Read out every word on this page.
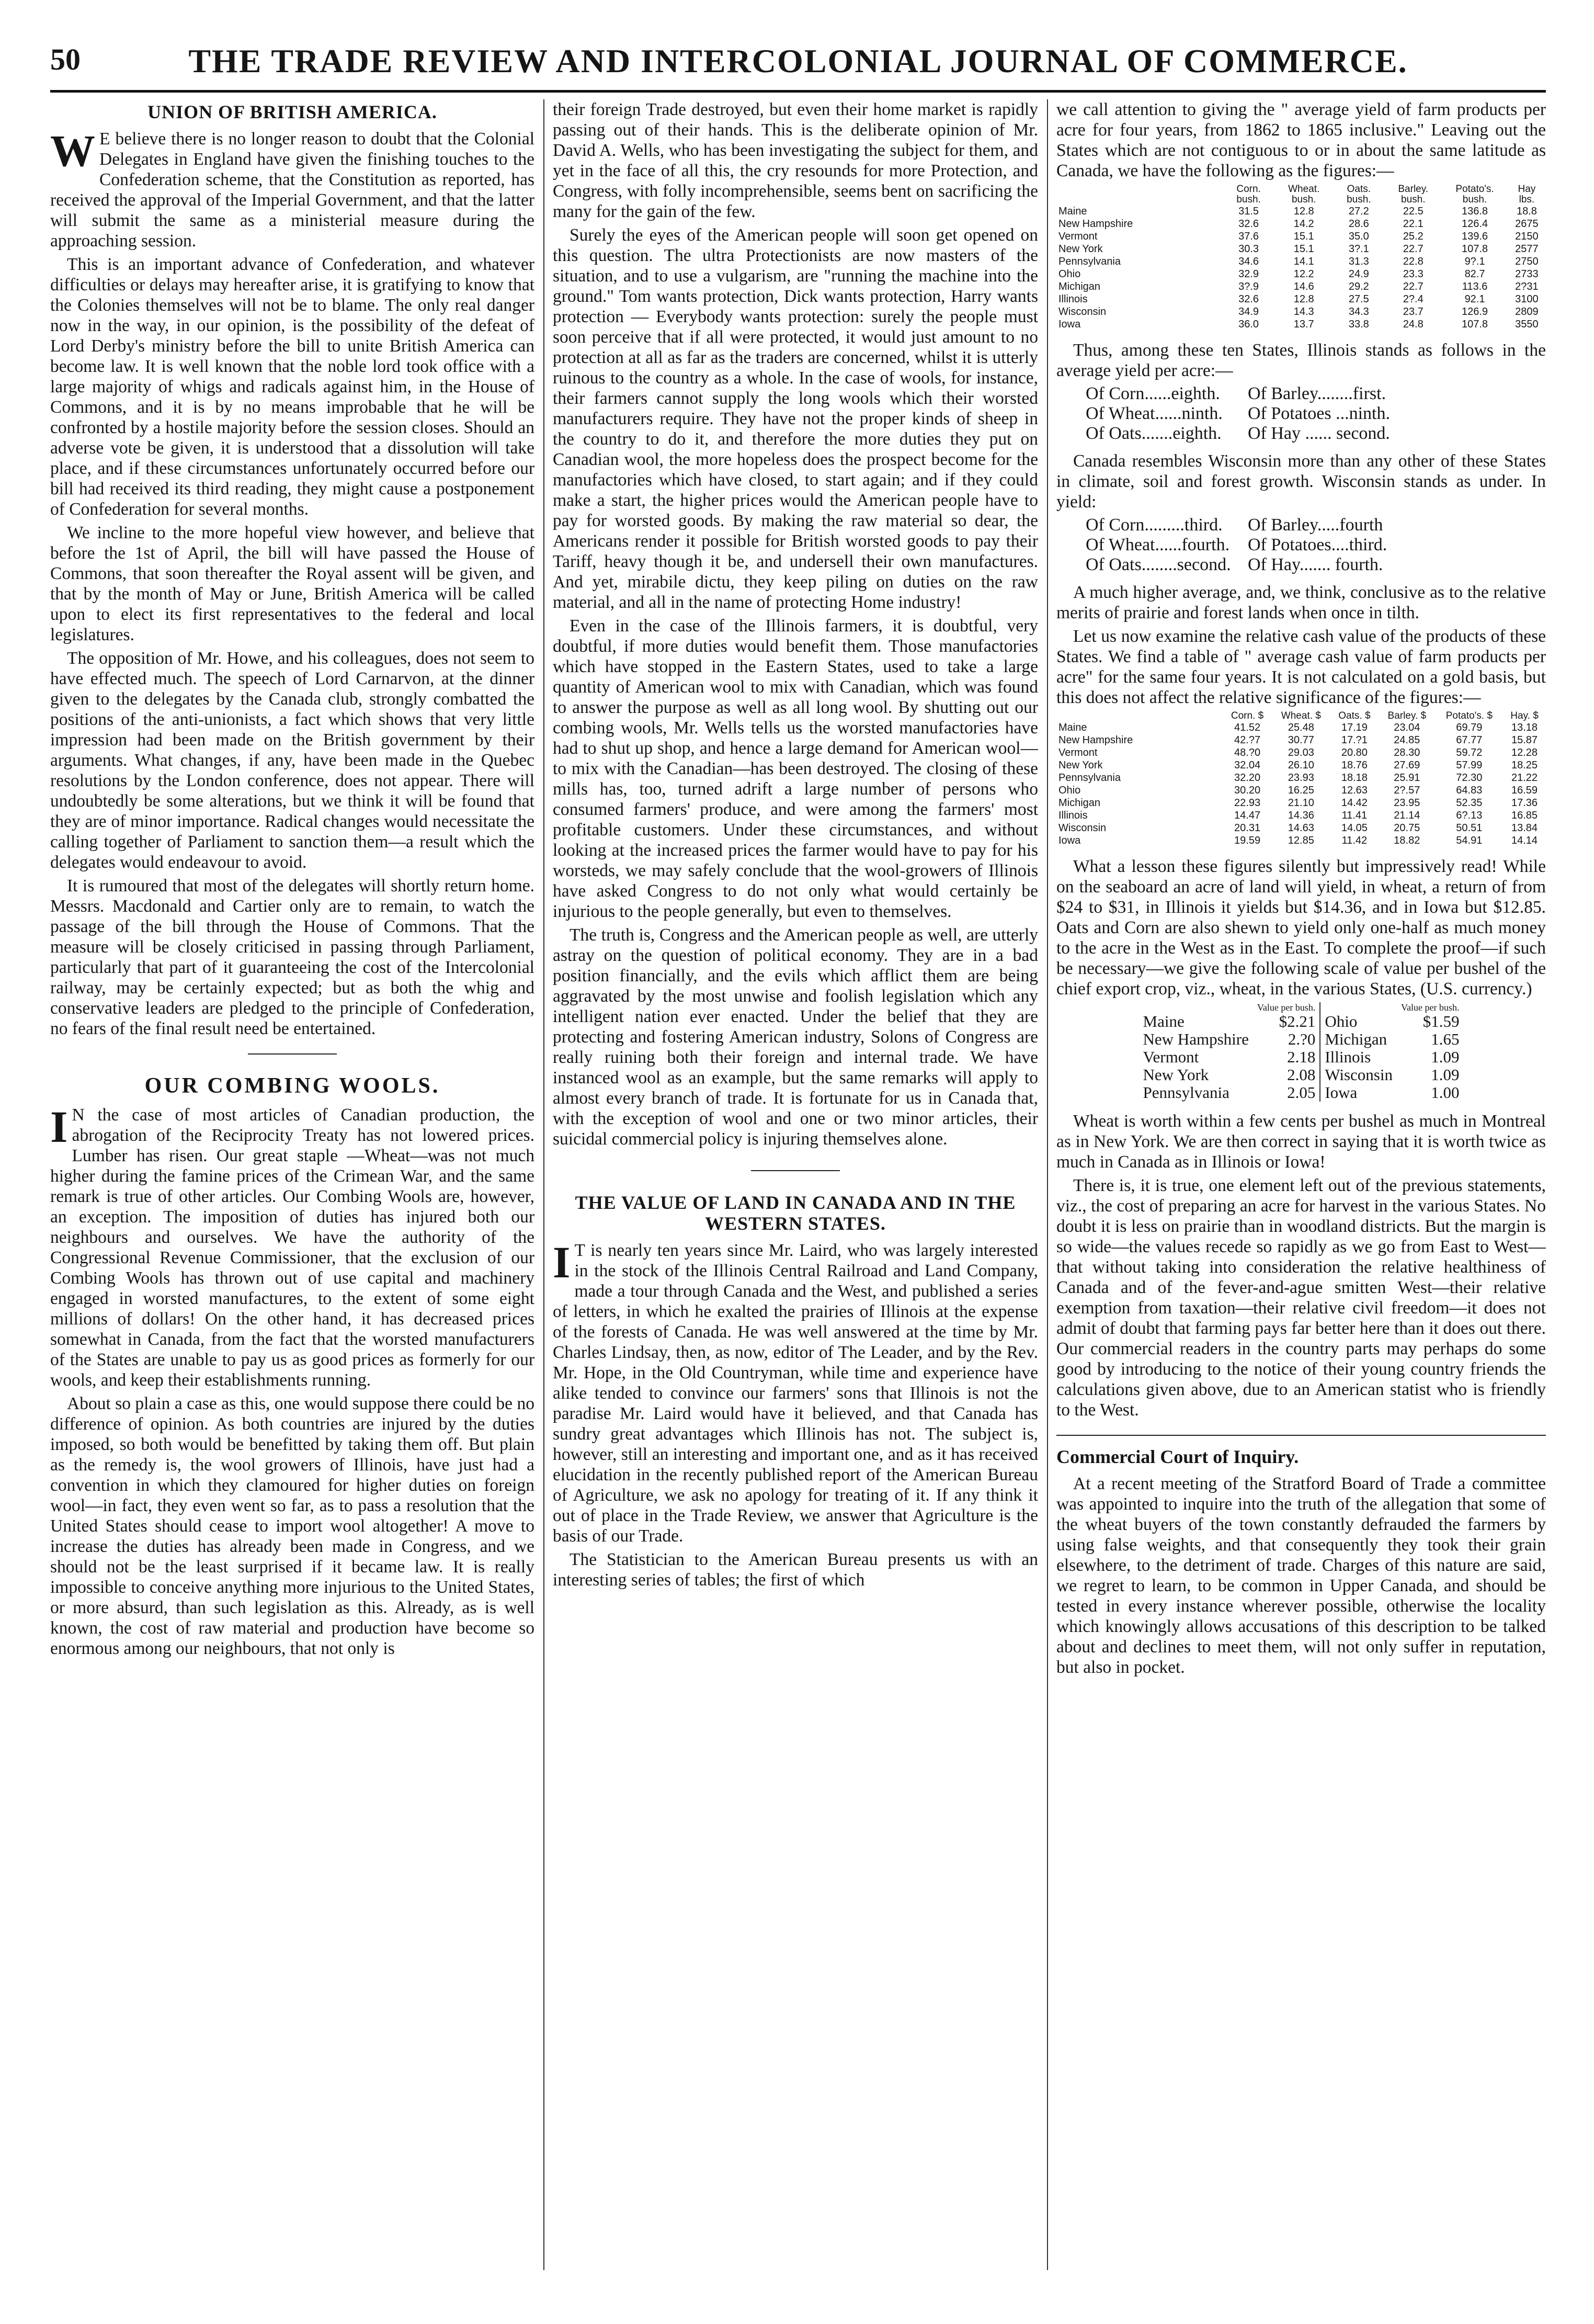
50	THE TRADE REVIEW AND INTERCOLONIAL JOURNAL OF COMMERCE.
UNION OF BRITISH AMERICA.

W E believe there is no longer reason to doubt that the Colonial Delegates in England have given the finishing touches to the Confederation scheme, that the Constitution as reported, has received the approval of the Imperial Government, and that the latter will submit the same as a ministerial measure during the approaching session.

This is an important advance of Confederation, and whatever difficulties or delays may hereafter arise, it is gratifying to know that the Colonies themselves will not be to blame. The only real danger now in the way, in our opinion, is the possibility of the defeat of Lord Derby's ministry before the bill to unite British America can become law. It is well known that the noble lord took office with a large majority of whigs and radicals against him, in the House of Commons, and it is by no means improbable that he will be confronted by a hostile majority before the session closes. Should an adverse vote be given, it is understood that a dissolution will take place, and if these circumstances unfortunately occurred before our bill had received its third reading, they might cause a postponement of Confederation for several months.

We incline to the more hopeful view however, and believe that before the 1st of April, the bill will have passed the House of Commons, that soon thereafter the Royal assent will be given, and that by the month of May or June, British America will be called upon to elect its first representatives to the federal and local legislatures.

The opposition of Mr. Howe, and his colleagues, does not seem to have effected much. The speech of Lord Carnarvon, at the dinner given to the delegates by the Canada club, strongly combatted the positions of the anti-unionists, a fact which shows that very little impression had been made on the British government by their arguments. What changes, if any, have been made in the Quebec resolutions by the London conference, does not appear. There will undoubtedly be some alterations, but we think it will be found that they are of minor importance. Radical changes would necessitate the calling together of Parliament to sanction them—a result which the delegates would endeavour to avoid.

It is rumoured that most of the delegates will shortly return home. Messrs. Macdonald and Cartier only are to remain, to watch the passage of the bill through the House of Commons. That the measure will be closely criticised in passing through Parliament, particularly that part of it guaranteeing the cost of the Intercolonial railway, may be certainly expected; but as both the whig and conservative leaders are pledged to the principle of Confederation, no fears of the final result need be entertained.

OUR COMBING WOOLS.

I N the case of most articles of Canadian production, the abrogation of the Reciprocity Treaty has not lowered prices. Lumber has risen. Our great staple —Wheat—was not much higher during the famine prices of the Crimean War, and the same remark is true of other articles. Our Combing Wools are, however, an exception. The imposition of duties has injured both our neighbours and ourselves. We have the authority of the Congressional Revenue Commissioner, that the exclusion of our Combing Wools has thrown out of use capital and machinery engaged in worsted manufactures, to the extent of some eight millions of dollars! On the other hand, it has decreased prices somewhat in Canada, from the fact that the worsted manufacturers of the States are unable to pay us as good prices as formerly for our wools, and keep their establishments running.

About so plain a case as this, one would suppose there could be no difference of opinion. As both countries are injured by the duties imposed, so both would be benefitted by taking them off. But plain as the remedy is, the wool growers of Illinois, have just had a convention in which they clamoured for higher duties on foreign wool—in fact, they even went so far, as to pass a resolution that the United States should cease to import wool altogether! A move to increase the duties has already been made in Congress, and we should not be the least surprised if it became law. It is really impossible to conceive anything more injurious to the United States, or more absurd, than such legislation as this. Already, as is well known, the cost of raw material and production have become so enormous among our neighbours, that not only is

their foreign Trade destroyed, but even their home market is rapidly passing out of their hands. This is the deliberate opinion of Mr. David A. Wells, who has been investigating the subject for them, and yet in the face of all this, the cry resounds for more Protection, and Congress, with folly incomprehensible, seems bent on sacrificing the many for the gain of the few.

Surely the eyes of the American people will soon get opened on this question. The ultra Protectionists are now masters of the situation, and to use a vulgarism, are "running the machine into the ground." Tom wants protection, Dick wants protection, Harry wants protection — Everybody wants protection: surely the people must soon perceive that if all were protected, it would just amount to no protection at all as far as the traders are concerned, whilst it is utterly ruinous to the country as a whole. In the case of wools, for instance, their farmers cannot supply the long wools which their worsted manufacturers require. They have not the proper kinds of sheep in the country to do it, and therefore the more duties they put on Canadian wool, the more hopeless does the prospect become for the manufactories which have closed, to start again; and if they could make a start, the higher prices would the American people have to pay for worsted goods. By making the raw material so dear, the Americans render it possible for British worsted goods to pay their Tariff, heavy though it be, and undersell their own manufactures. And yet, mirabile dictu, they keep piling on duties on the raw material, and all in the name of protecting Home industry!

Even in the case of the Illinois farmers, it is doubtful, very doubtful, if more duties would benefit them. Those manufactories which have stopped in the Eastern States, used to take a large quantity of American wool to mix with Canadian, which was found to answer the purpose as well as all long wool. By shutting out our combing wools, Mr. Wells tells us the worsted manufactories have had to shut up shop, and hence a large demand for American wool—to mix with the Canadian—has been destroyed. The closing of these mills has, too, turned adrift a large number of persons who consumed farmers' produce, and were among the farmers' most profitable customers. Under these circumstances, and without looking at the increased prices the farmer would have to pay for his worsteds, we may safely conclude that the wool-growers of Illinois have asked Congress to do not only what would certainly be injurious to the people generally, but even to themselves.

The truth is, Congress and the American people as well, are utterly astray on the question of political economy. They are in a bad position financially, and the evils which afflict them are being aggravated by the most unwise and foolish legislation which any intelligent nation ever enacted. Under the belief that they are protecting and fostering American industry, Solons of Congress are really ruining both their foreign and internal trade. We have instanced wool as an example, but the same remarks will apply to almost every branch of trade. It is fortunate for us in Canada that, with the exception of wool and one or two minor articles, their suicidal commercial policy is injuring themselves alone.

THE VALUE OF LAND IN CANADA AND IN THE WESTERN STATES.

I T is nearly ten years since Mr. Laird, who was largely interested in the stock of the Illinois Central Railroad and Land Company, made a tour through Canada and the West, and published a series of letters, in which he exalted the prairies of Illinois at the expense of the forests of Canada. He was well answered at the time by Mr. Charles Lindsay, then, as now, editor of The Leader, and by the Rev. Mr. Hope, in the Old Countryman, while time and experience have alike tended to convince our farmers' sons that Illinois is not the paradise Mr. Laird would have it believed, and that Canada has sundry great advantages which Illinois has not. The subject is, however, still an interesting and important one, and as it has received elucidation in the recently published report of the American Bureau of Agriculture, we ask no apology for treating of it. If any think it out of place in the Trade Review, we answer that Agriculture is the basis of our Trade.

The Statistician to the American Bureau presents us with an interesting series of tables; the first of which

we call attention to giving the " average yield of farm products per acre for four years, from 1862 to 1865 inclusive." Leaving out the States which are not contiguous to or in about the same latitude as Canada, we have the following as the figures:—

	Corn. bush.	Wheat. bush.	Oats. bush.	Barley. bush.	Potato's. bush.	Hay lbs.
Maine	31.5	12.8	27.2	22.5	136.8	18.8
New Hampshire	32.6	14.2	28.6	22.1	126.4	2675
Vermont	37.6	15.1	35.0	25.2	139.6	2150
New York	30.3	15.1	3?.1	22.7	107.8	2577
Pennsylvania	34.6	14.1	31.3	22.8	9?.1	2750
Ohio	32.9	12.2	24.9	23.3	82.7	2733
Michigan	3?.9	14.6	29.2	22.7	113.6	2?31
Illinois	32.6	12.8	27.5	2?.4	92.1	3100
Wisconsin	34.9	14.3	34.3	23.7	126.9	2809
Iowa	36.0	13.7	33.8	24.8	107.8	3550

Thus, among these ten States, Illinois stands as follows in the average yield per acre:—

Of Corn......eighth.	Of Barley........first.
Of Wheat......ninth.	Of Potatoes ...ninth.
Of Oats.......eighth.	Of Hay ...... second.

Canada resembles Wisconsin more than any other of these States in climate, soil and forest growth. Wisconsin stands as under. In yield:

Of Corn.........third.	Of Barley.....fourth
Of Wheat......fourth.	Of Potatoes....third.
Of Oats........second. Of Hay....... fourth.

A much higher average, and, we think, conclusive as to the relative merits of prairie and forest lands when once in tilth.

Let us now examine the relative cash value of the products of these States. We find a table of " average cash value of farm products per acre" for the same four years. It is not calculated on a gold basis, but this does not affect the relative significance of the figures:—

	Corn. $	Wheat. $	Oats. $	Barley. $	Potato's. $	Hay. $
Maine	41.52	25.48	17.19	23.04	69.79	13.18
New Hampshire	42.?7	30.77	17.?1	24.85	67.77	15.87
Vermont	48.?0	29.03	20.80	28.30	59.72	12.28
New York	32.04	26.10	18.76	27.69	57.99	18.25
Pennsylvania	32.20	23.93	18.18	25.91	72.30	21.22
Ohio	30.20	16.25	12.63	2?.57	64.83	16.59
Michigan	22.93	21.10	14.42	23.95	52.35	17.36
Illinois	14.47	14.36	11.41	21.14	6?.13	16.85
Wisconsin	20.31	14.63	14.05	20.75	50.51	13.84
Iowa	19.59	12.85	11.42	18.82	54.91	14.14

What a lesson these figures silently but impressively read! While on the seaboard an acre of land will yield, in wheat, a return of from $24 to $31, in Illinois it yields but $14.36, and in Iowa but $12.85. Oats and Corn are also shewn to yield only one-half as much money to the acre in the West as in the East. To complete the proof—if such be necessary—we give the following scale of value per bushel of the chief export crop, viz., wheat, in the various States, (U.S. currency.)

	Value per bush.		Value per bush.
Maine	$2.21	Ohio	$1.59
New Hampshire	2.?0	Michigan	1.65
Vermont	2.18	Illinois	1.09
New York	2.08	Wisconsin	1.09
Pennsylvania	2.05	Iowa	1.00

Wheat is worth within a few cents per bushel as much in Montreal as in New York. We are then correct in saying that it is worth twice as much in Canada as in Illinois or Iowa!

There is, it is true, one element left out of the previous statements, viz., the cost of preparing an acre for harvest in the various States. No doubt it is less on prairie than in woodland districts. But the margin is so wide—the values recede so rapidly as we go from East to West—that without taking into consideration the relative healthiness of Canada and of the fever-and-ague smitten West—their relative exemption from taxation—their relative civil freedom—it does not admit of doubt that farming pays far better here than it does out there. Our commercial readers in the country parts may perhaps do some good by introducing to the notice of their young country friends the calculations given above, due to an American statist who is friendly to the West.

Commercial Court of Inquiry.

At a recent meeting of the Stratford Board of Trade a committee was appointed to inquire into the truth of the allegation that some of the wheat buyers of the town constantly defrauded the farmers by using false weights, and that consequently they took their grain elsewhere, to the detriment of trade. Charges of this nature are said, we regret to learn, to be common in Upper Canada, and should be tested in every instance wherever possible, otherwise the locality which knowingly allows accusations of this description to be talked about and declines to meet them, will not only suffer in reputation, but also in pocket.
